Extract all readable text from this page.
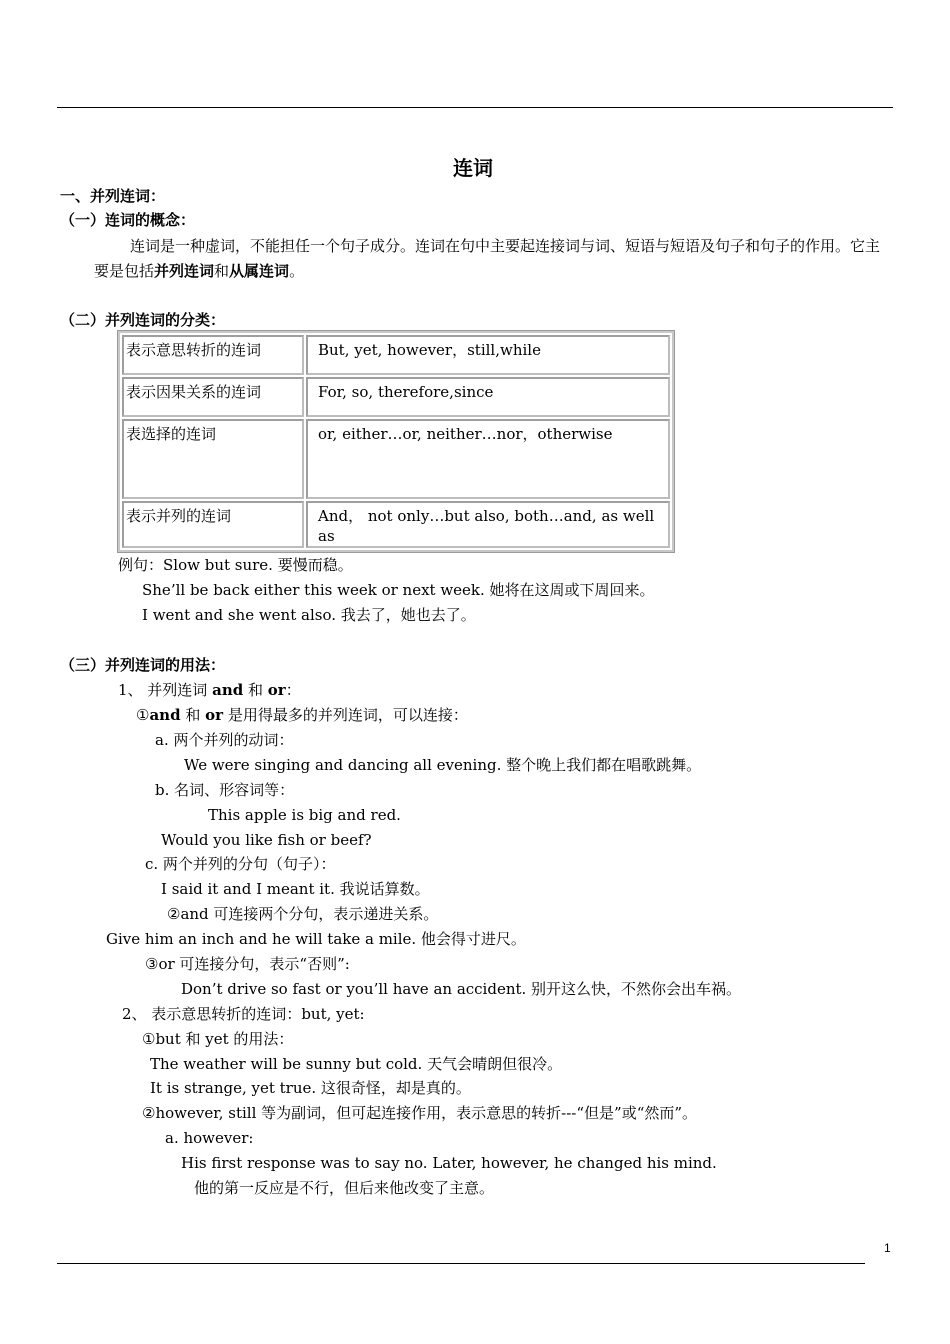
连词
一、并列连词：
（一）连词的概念：
连词是一种虚词，不能担任一个句子成分。连词在句中主要起连接词与词、短语与短语及句子和句子的作用。它主要是包括并列连词和从属连词。
（二）并列连词的分类：
表示意思转折的连词	But, yet, however，still,while
表示因果关系的连词	For, so, therefore,since
表选择的连词	or, either…or, neither…nor，otherwise
表示并列的连词	And， not only…but also, both…and, as well as
例句：Slow but sure. 要慢而稳。
She’ll be back either this week or next week. 她将在这周或下周回来。
I went and she went also. 我去了，她也去了。
（三）并列连词的用法：
1、 并列连词 and 和 or：
①and 和 or 是用得最多的并列连词，可以连接：
a. 两个并列的动词：
We were singing and dancing all evening. 整个晚上我们都在唱歌跳舞。
b. 名词、形容词等：
This apple is big and red.
Would you like fish or beef?
c. 两个并列的分句（句子）：
I said it and I meant it. 我说话算数。
②and 可连接两个分句，表示递进关系。
Give him an inch and he will take a mile. 他会得寸进尺。
③or 可连接分句，表示“否则”:
Don’t drive so fast or you’ll have an accident. 别开这么快，不然你会出车祸。
2、 表示意思转折的连词：but, yet:
①but 和 yet 的用法：
The weather will be sunny but cold. 天气会晴朗但很冷。
It is strange, yet true. 这很奇怪，却是真的。
②however, still 等为副词，但可起连接作用，表示意思的转折---“但是”或“然而”。
a. however:
His first response was to say no. Later, however, he changed his mind.
他的第一反应是不行，但后来他改变了主意。
1
